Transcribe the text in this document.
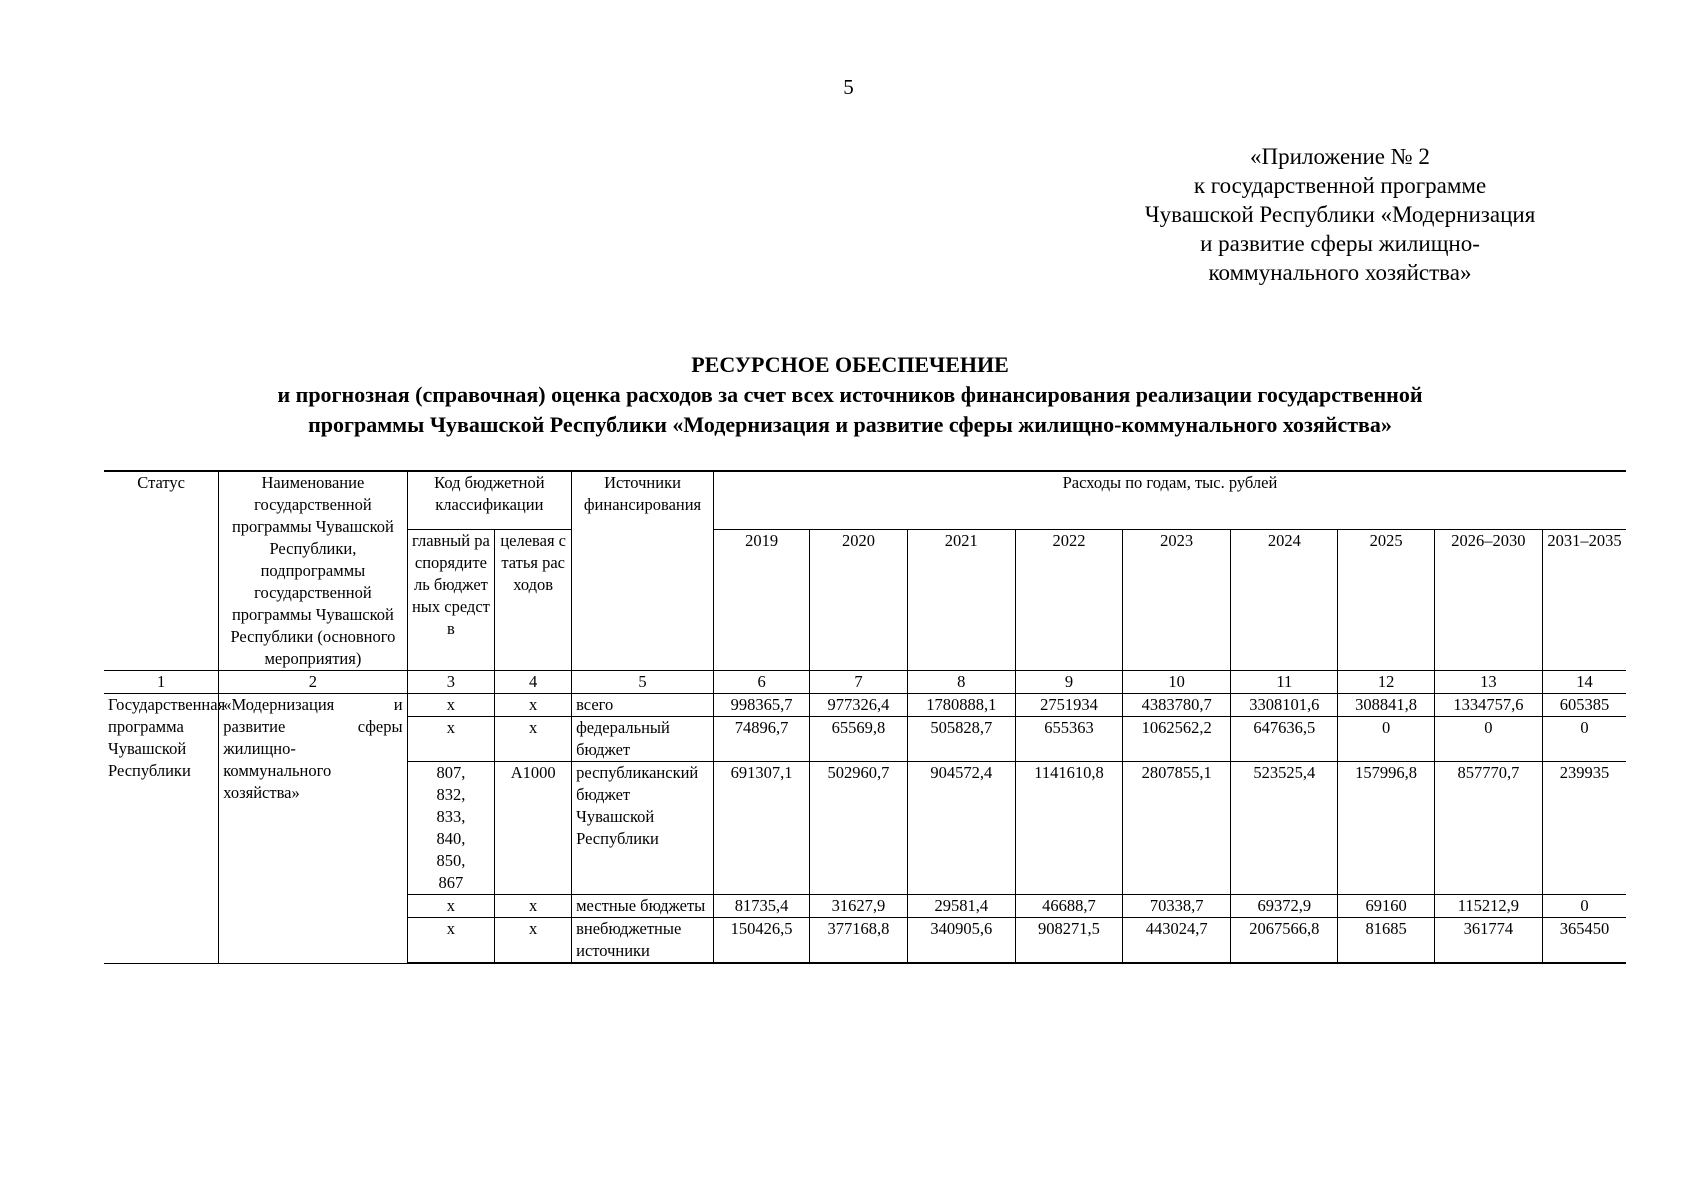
5
«Приложение № 2
к государственной программе
Чувашской Республики «Модернизация
и развитие сферы жилищно-
коммунального хозяйства»
РЕСУРСНОЕ ОБЕСПЕЧЕНИЕ
и прогнозная (справочная) оценка расходов за счет всех источников финансирования реализации государственной
программы Чувашской Республики «Модернизация и развитие сферы жилищно-коммунального хозяйства»
Статус	Наименование государственной программы Чувашской Республики, подпрограммы государственной программы Чувашской Республики (основного мероприятия)	Код бюджетной классификации		Источники финансирования	Расходы по годам, тыс. рублей								
		главный распорядитель бюджетных средств	целевая статья расходов		2019	2020	2021	2022	2023	2024	2025	2026–2030	2031–2035
1	2	3	4	5	6	7	8	9	10	11	12	13	14
Государственная программа Чувашской Республики	«Модернизация и развитие сферы жилищно-коммунального хозяйства»	x	x	всего	998365,7	977326,4	1780888,1	2751934	4383780,7	3308101,6	308841,8	1334757,6	605385
		x	x	федеральный бюджет	74896,7	65569,8	505828,7	655363	1062562,2	647636,5	0	0	0
		807, 832, 833, 840, 850, 867	А1000	республиканский бюджет Чувашской Республики	691307,1	502960,7	904572,4	1141610,8	2807855,1	523525,4	157996,8	857770,7	239935
		x	x	местные бюджеты	81735,4	31627,9	29581,4	46688,7	70338,7	69372,9	69160	115212,9	0
		x	x	внебюджетные источники	150426,5	377168,8	340905,6	908271,5	443024,7	2067566,8	81685	361774	365450
